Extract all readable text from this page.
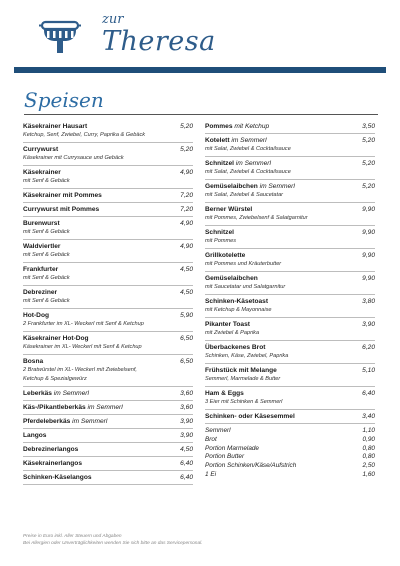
zur
Theresa
Speisen
Käsekrainer Hausart	5,20
Ketchup, Senf, Zwiebel, Curry, Paprika & Gebäck
Currywurst	5,20
Käsekrainer mit Currysauce und Gebäck
Käsekrainer	4,90
mit Senf & Gebäck
Käsekrainer mit Pommes	7,20
Currywurst mit Pommes	7,20
Burenwurst	4,90
mit Senf & Gebäck
Waldviertler	4,90
mit Senf & Gebäck
Frankfurter	4,50
mit Senf & Gebäck
Debreziner	4,50
mit Senf & Gebäck
Hot-Dog	5,90
2 Frankfurter im XL- Weckerl mit Senf & Ketchup
Käsekrainer Hot-Dog	6,50
Käsekrainer im XL- Weckerl mit Senf & Ketchup
Bosna	6,50
2 Bratwürstel im XL- Weckerl mit Zwiebelsenf,
Ketchup & Spezialgewürz
Leberkäs im Semmerl	3,60
Käs-/Pikantleberkäs im Semmerl	3,60
Pferdeleberkäs im Semmerl	3,90
Langos	3,90
Debrezinerlangos	4,50
Käsekrainerlangos	6,40
Schinken-Käselangos	6,40
Pommes mit Ketchup	3,50
Kotelett im Semmerl	5,20
mit Salat, Zwiebel & Cocktailsauce
Schnitzel im Semmerl	5,20
mit Salat, Zwiebel & Cocktailsauce
Gemüselaibchen im Semmerl	5,20
mit Salat, Zwiebel & Saucetatar
Berner Würstel	9,90
mit Pommes, Zwiebelsenf & Salatgarnitur
Schnitzel	9,90
mit Pommes
Grillkotelette	9,90
mit Pommes und Kräuterbutter
Gemüselaibchen	9,90
mit Saucetatar und Salatgarnitur
Schinken-Käsetoast	3,80
mit Ketchup & Mayonnaise
Pikanter Toast	3,90
mit Zwiebel & Paprika
Überbackenes Brot	6,20
Schinken, Käse, Zwiebel, Paprika
Frühstück mit Melange	5,10
Semmerl, Marmelade & Butter
Ham & Eggs	6,40
3 Eier mit Schinken & Semmerl
Schinken- oder Käsesemmel	3,40
Semmerl	1,10
Brot	0,90
Portion Marmelade	0,80
Portion Butter	0,80
Portion Schinken/Käse/Aufstrich	2,50
1 Ei	1,60
Preise in Euro inkl. Aller Steuern und Abgaben
Bei Allergien oder Unverträglichkeiten wenden Sie sich bitte an das Servicepersonal.
